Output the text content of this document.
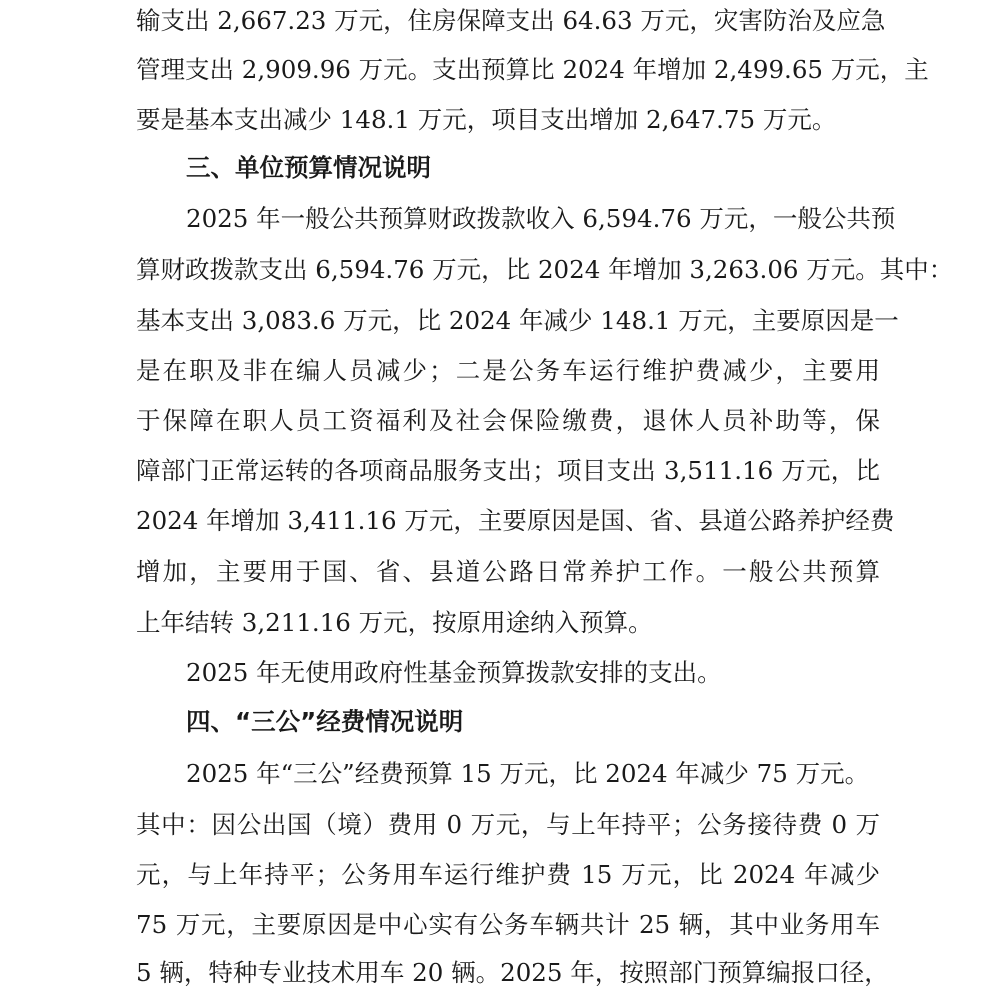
输支出 2,667.23 万元，住房保障支出 64.63 万元，灾害防治及应急
管理支出 2,909.96 万元。支出预算比 2024 年增加 2,499.65 万元，主
要是基本支出减少 148.1 万元，项目支出增加 2,647.75 万元。
三、单位预算情况说明
2025 年一般公共预算财政拨款收入 6,594.76 万元，一般公共预
算财政拨款支出 6,594.76 万元，比 2024 年增加 3,263.06 万元。其中：
基本支出 3,083.6 万元，比 2024 年减少 148.1 万元，主要原因是一
是在职及非在编人员减少；二是公务车运行维护费减少，主要用
于保障在职人员工资福利及社会保险缴费，退休人员补助等，保
障部门正常运转的各项商品服务支出；项目支出 3,511.16 万元，比
2024 年增加 3,411.16 万元，主要原因是国、省、县道公路养护经费
增加，主要用于国、省、县道公路日常养护工作。一般公共预算
上年结转 3,211.16 万元，按原用途纳入预算。
2025 年无使用政府性基金预算拨款安排的支出。
四、“三公”经费情况说明
2025 年“三公”经费预算 15 万元，比 2024 年减少 75 万元。
其中：因公出国（境）费用 0 万元，与上年持平；公务接待费 0 万
元，与上年持平；公务用车运行维护费 15 万元，比 2024 年减少
75 万元，主要原因是中心实有公务车辆共计 25 辆，其中业务用车
5 辆，特种专业技术用车 20 辆。2025 年，按照部门预算编报口径，
